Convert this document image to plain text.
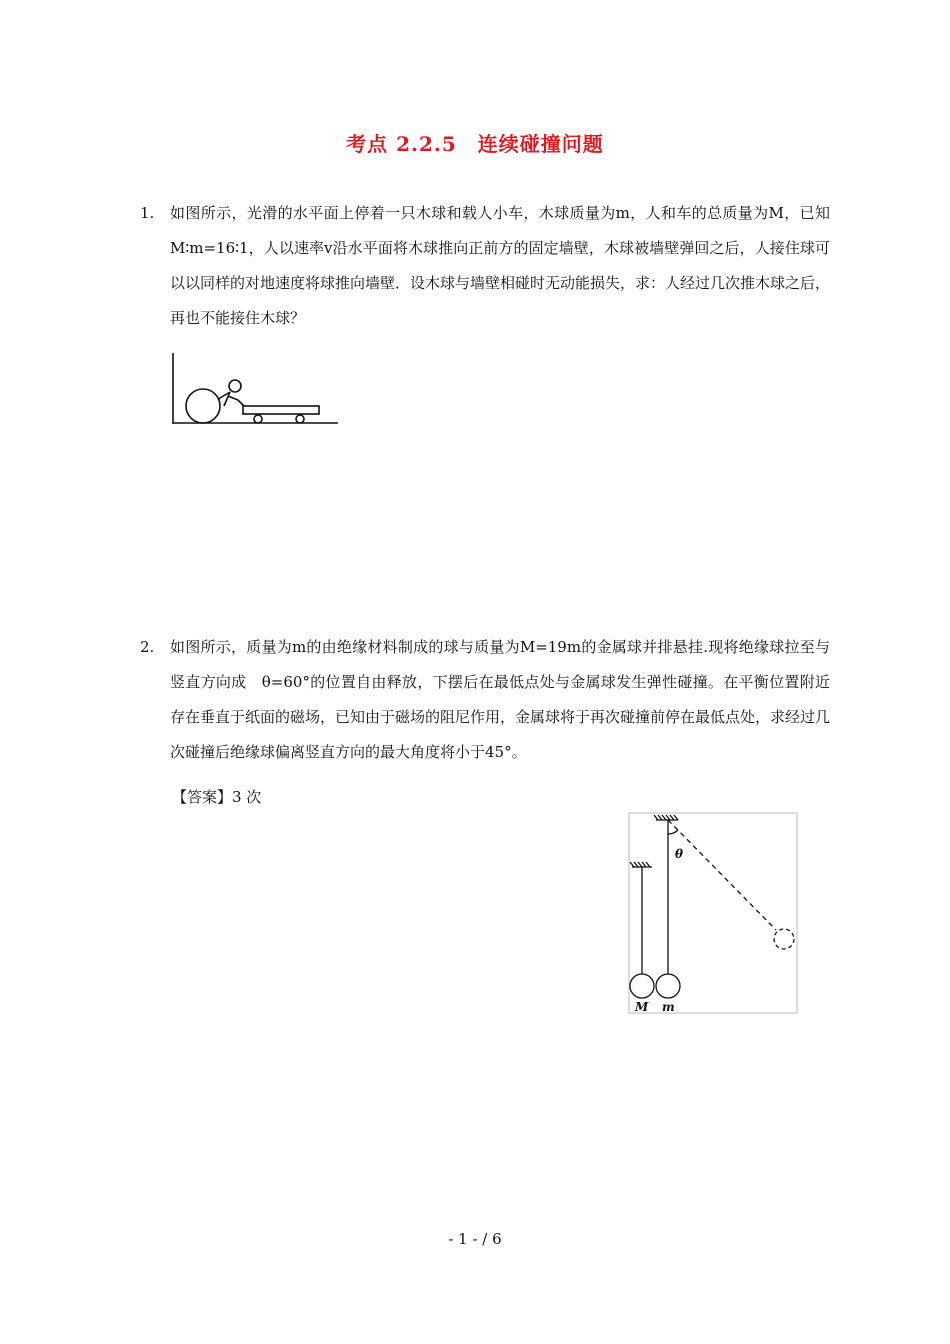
考点 2.2.5　连续碰撞问题
1. 如图所示，光滑的水平面上停着一只木球和载人小车，木球质量为m，人和车的总质量为M，已知M∶m=16∶1，人以速率v沿水平面将木球推向正前方的固定墙壁，木球被墙壁弹回之后，人接住球可以以同样的对地速度将球推向墙壁．设木球与墙壁相碰时无动能损失，求：人经过几次推木球之后，再也不能接住木球？
2. 如图所示，质量为m的由绝缘材料制成的球与质量为M=19m的金属球并排悬挂.现将绝缘球拉至与竖直方向成　θ=60°的位置自由释放，下摆后在最低点处与金属球发生弹性碰撞。在平衡位置附近存在垂直于纸面的磁场，已知由于磁场的阻尼作用，金属球将于再次碰撞前停在最低点处，求经过几次碰撞后绝缘球偏离竖直方向的最大角度将小于45°。
【答案】3 次
θ
M m
- 1 - / 6
